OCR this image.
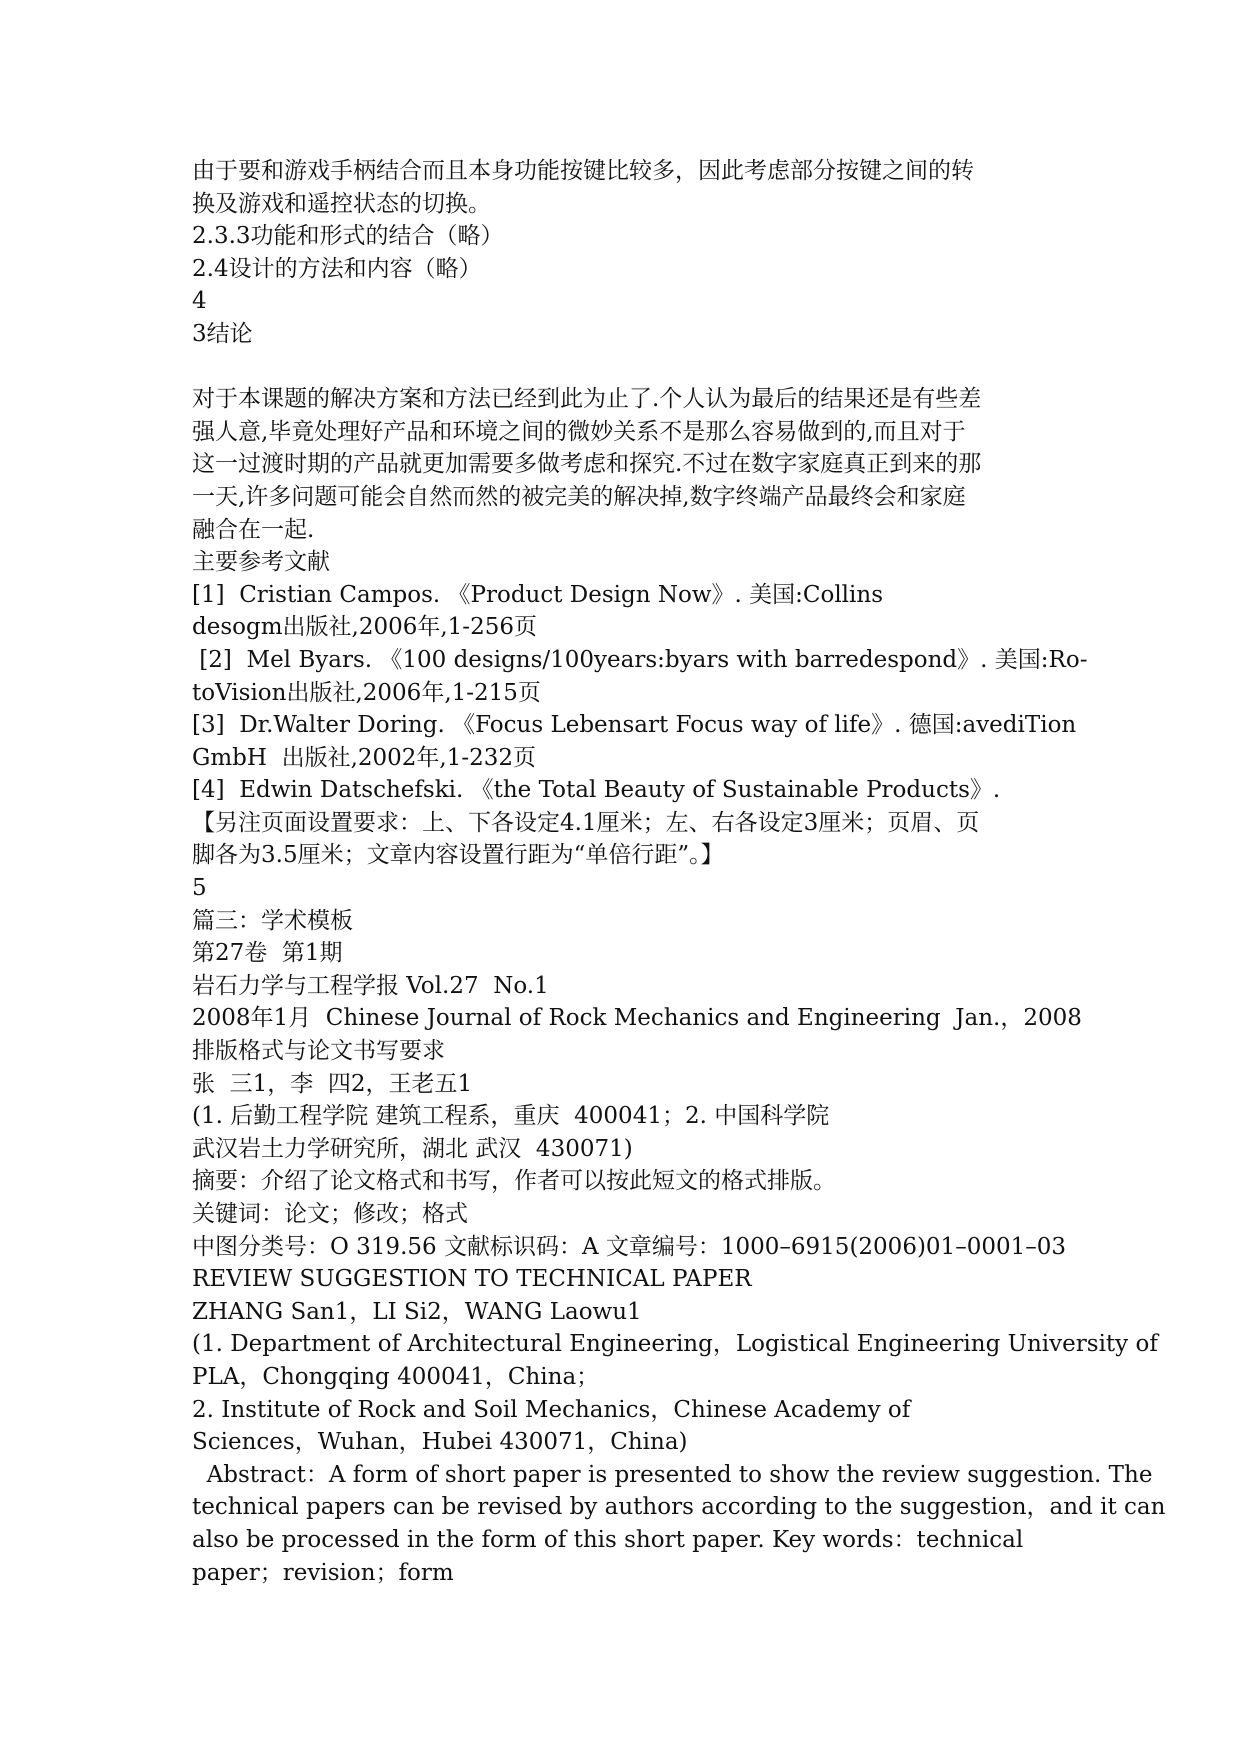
由于要和游戏手柄结合而且本身功能按键比较多，因此考虑部分按键之间的转

换及游戏和遥控状态的切换。

2.3.3功能和形式的结合（略）

2.4设计的方法和内容（略）

4

3结论

对于本课题的解决方案和方法已经到此为止了.个人认为最后的结果还是有些差

强人意,毕竟处理好产品和环境之间的微妙关系不是那么容易做到的,而且对于

这一过渡时期的产品就更加需要多做考虑和探究.不过在数字家庭真正到来的那

一天,许多问题可能会自然而然的被完美的解决掉,数字终端产品最终会和家庭

融合在一起.

主要参考文献

[1]  Cristian Campos. 《Product Design Now》. 美国:Collins

desogm出版社,2006年,1-256页

[2]  Mel Byars. 《100 designs/100years:byars with barredespond》. 美国:Ro-

toVision出版社,2006年,1-215页

[3]  Dr.Walter Doring. 《Focus Lebensart Focus way of life》. 德国:avediTion

GmbH  出版社,2002年,1-232页

[4]  Edwin Datschefski. 《the Total Beauty of Sustainable Products》.

【另注页面设置要求：上、下各设定4.1厘米；左、右各设定3厘米；页眉、页

脚各为3.5厘米；文章内容设置行距为“单倍行距”。】

5

篇三：学术模板

第27卷  第1期

岩石力学与工程学报 Vol.27  No.1

2008年1月  Chinese Journal of Rock Mechanics and Engineering  Jan.，2008

排版格式与论文书写要求

张  三1，李  四2，王老五1

(1. 后勤工程学院 建筑工程系，重庆  400041；2. 中国科学院

武汉岩土力学研究所，湖北 武汉  430071)

摘要：介绍了论文格式和书写，作者可以按此短文的格式排版。

关键词：论文；修改；格式

中图分类号：O 319.56 文献标识码：A 文章编号：1000–6915(2006)01–0001–03

REVIEW SUGGESTION TO TECHNICAL PAPER

ZHANG San1，LI Si2，WANG Laowu1

(1. Department of Architectural Engineering，Logistical Engineering University of

PLA，Chongqing 400041，China；

2. Institute of Rock and Soil Mechanics，Chinese Academy of

Sciences，Wuhan，Hubei 430071，China)

Abstract：A form of short paper is presented to show the review suggestion. The

technical papers can be revised by authors according to the suggestion，and it can

also be processed in the form of this short paper. Key words：technical

paper；revision；form
